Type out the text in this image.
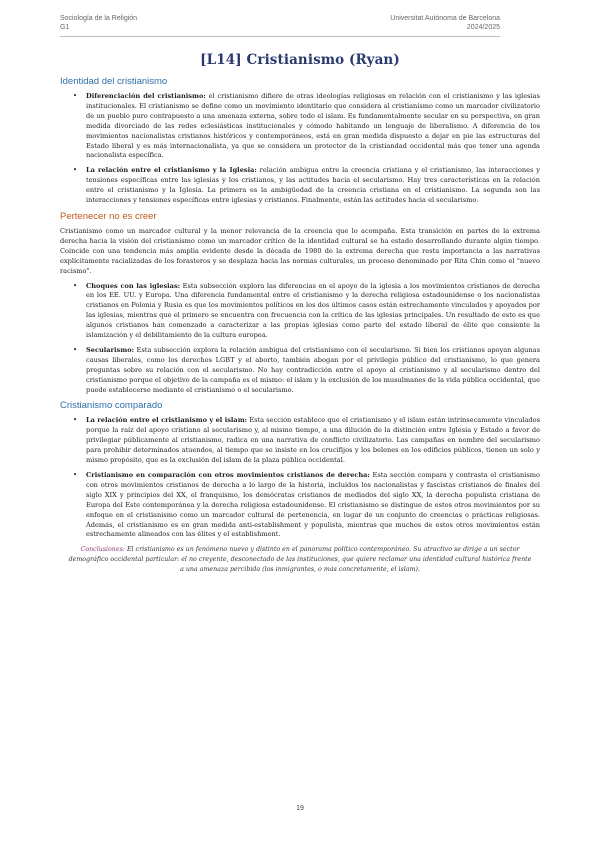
Sociología de la Religión
G1
Universitat Autònoma de Barcelona
2024/2025
[L14] Cristianismo (Ryan)
Identidad del cristianismo
• Diferenciación del cristianismo: el cristianismo difiere de otras ideologías religiosas en relación con el cristianismo y las iglesias institucionales. El cristianismo se define como un movimiento identitario que considera al cristianismo como un marcador civilizatorio de un pueblo puro contrapuesto a una amenaza externa, sobre todo el islam. Es fundamentalmente secular en su perspectiva, en gran medida divorciado de las redes eclesiásticas institucionales y cómodo habitando un lenguaje de liberalismo. A diferencia de los movimientos nacionalistas cristianos históricos y contemporáneos, está en gran medida dispuesto a dejar en pie las estructuras del Estado liberal y es más internacionalista, ya que se considera un protector de la cristiandad occidental más que tener una agenda nacionalista específica.
• La relación entre el cristianismo y la Iglesia: relación ambigua entre la creencia cristiana y el cristianismo, las interacciones y tensiones específicas entre las iglesias y los cristianos, y las actitudes hacia el secularismo. Hay tres características en la relación entre el cristianismo y la Iglesia. La primera es la ambigüedad de la creencia cristiana en el cristianismo. La segunda son las interacciones y tensiones específicas entre iglesias y cristianos. Finalmente, están las actitudes hacia el secularismo.
Pertenecer no es creer

Cristianismo como un marcador cultural y la menor relevancia de la creencia que lo acompaña. Esta transición en partes de la extrema derecha hacia la visión del cristianismo como un marcador crítico de la identidad cultural se ha estado desarrollando durante algún tiempo. Coincide con una tendencia más amplia evidente desde la década de 1980 de la extrema derecha que resta importancia a las narrativas explícitamente racializadas de los forasteros y se desplaza hacia las normas culturales, un proceso denominado por Rita Chin como el "nuevo racismo".

• Choques con las iglesias: Esta subsección explora las diferencias en el apoyo de la iglesia a los movimientos cristianos de derecha en los EE. UU. y Europa. Una diferencia fundamental entre el cristianismo y la derecha religiosa estadounidense o los nacionalistas cristianos en Polonia y Rusia es que los movimientos políticos en los dos últimos casos están estrechamente vinculados y apoyados por las iglesias, mientras que el primero se encuentra con frecuencia con la crítica de las iglesias principales. Un resultado de esto es que algunos cristianos han comenzado a caracterizar a las propias iglesias como parte del estado liberal de élite que consiente la islamización y el debilitamiento de la cultura europea.
• Secularismo: Esta subsección explora la relación ambigua del cristianismo con el secularismo. Si bien los cristianos apoyan algunas causas liberales, como los derechos LGBT y el aborto, también abogan por el privilegio público del cristianismo, lo que genera preguntas sobre su relación con el secularismo. No hay contradicción entre el apoyo al cristianismo y al secularismo dentro del cristianismo porque el objetivo de la campaña es el mismo: el islam y la exclusión de los musulmanes de la vida pública occidental, que puede establecerse mediante el cristianismo o el secularismo.
Cristianismo comparado
• La relación entre el cristianismo y el islam: Esta sección establece que el cristianismo y el islam están intrínsecamente vinculados porque la raíz del apoyo cristiano al secularismo y, al mismo tiempo, a una dilución de la distinción entre Iglesia y Estado a favor de privilegiar públicamente al cristianismo, radica en una narrativa de conflicto civilizatorio. Las campañas en nombre del secularismo para prohibir determinados atuendos, al tiempo que se insiste en los crucifijos y los belenes en los edificios públicos, tienen un solo y mismo propósito, que es la exclusión del islam de la plaza pública occidental.
• Cristianismo en comparación con otros movimientos cristianos de derecha: Esta sección compara y contrasta el cristianismo con otros movimientos cristianos de derecha a lo largo de la historia, incluidos los nacionalistas y fascistas cristianos de finales del siglo XIX y principios del XX, el franquismo, los demócratas cristianos de mediados del siglo XX, la derecha populista cristiana de Europa del Este contemporánea y la derecha religiosa estadounidense. El cristianismo se distingue de estos otros movimientos por su enfoque en el cristianismo como un marcador cultural de pertenencia, en lugar de un conjunto de creencias o prácticas religiosas. Además, el cristianismo es en gran medida anti-establishment y populista, mientras que muchos de estos otros movimientos están estrechamente alineados con las élites y el establishment.

Conclusiones: El cristianismo es un fenómeno nuevo y distinto en el panorama político contemporáneo. Su atractivo se dirige a un sector demográfico occidental particular: el no creyente, desconectado de las instituciones, que quiere reclamar una identidad cultural histórica frente a una amenaza percibida (los inmigrantes, o más concretamente, el islam).

19
